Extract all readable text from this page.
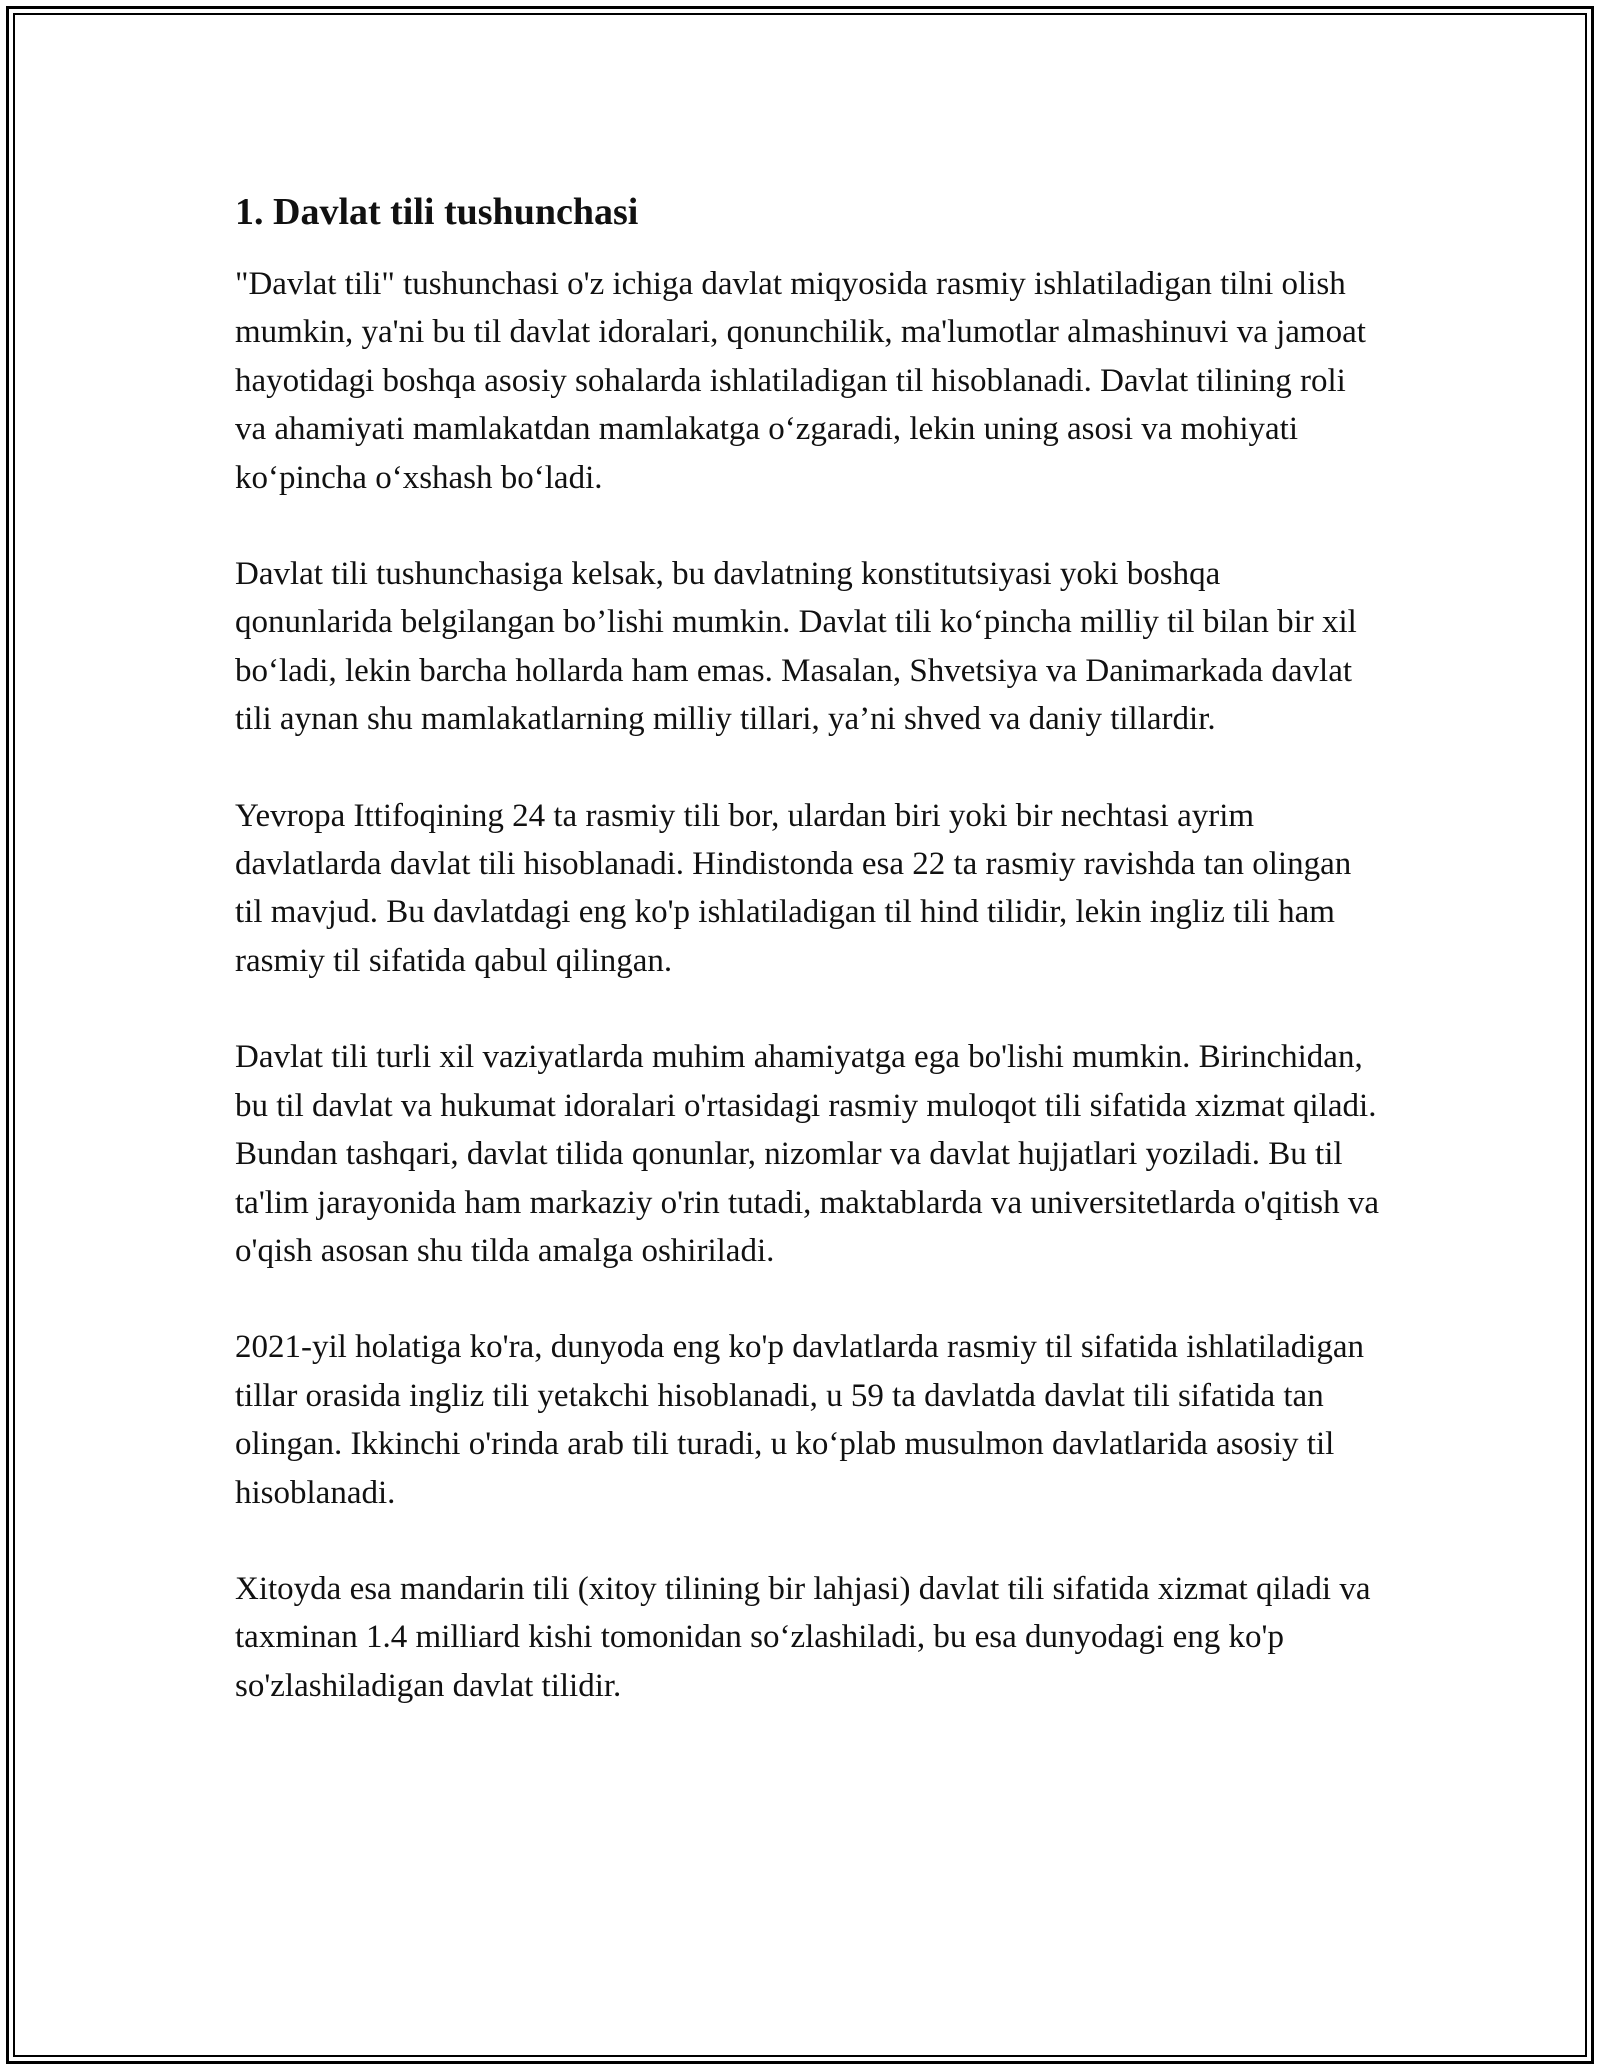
1. Davlat tili tushunchasi

"Davlat tili" tushunchasi o'z ichiga davlat miqyosida rasmiy ishlatiladigan tilni olish mumkin, ya'ni bu til davlat idoralari, qonunchilik, ma'lumotlar almashinuvi va jamoat hayotidagi boshqa asosiy sohalarda ishlatiladigan til hisoblanadi. Davlat tilining roli va ahamiyati mamlakatdan mamlakatga oʻzgaradi, lekin uning asosi va mohiyati koʻpincha oʻxshash boʻladi.

Davlat tili tushunchasiga kelsak, bu davlatning konstitutsiyasi yoki boshqa qonunlarida belgilangan bo’lishi mumkin. Davlat tili koʻpincha milliy til bilan bir xil boʻladi, lekin barcha hollarda ham emas. Masalan, Shvetsiya va Danimarkada davlat tili aynan shu mamlakatlarning milliy tillari, ya’ni shved va daniy tillardir.

Yevropa Ittifoqining 24 ta rasmiy tili bor, ulardan biri yoki bir nechtasi ayrim davlatlarda davlat tili hisoblanadi. Hindistonda esa 22 ta rasmiy ravishda tan olingan til mavjud. Bu davlatdagi eng ko'p ishlatiladigan til hind tilidir, lekin ingliz tili ham rasmiy til sifatida qabul qilingan.

Davlat tili turli xil vaziyatlarda muhim ahamiyatga ega bo'lishi mumkin. Birinchidan, bu til davlat va hukumat idoralari o'rtasidagi rasmiy muloqot tili sifatida xizmat qiladi. Bundan tashqari, davlat tilida qonunlar, nizomlar va davlat hujjatlari yoziladi. Bu til ta'lim jarayonida ham markaziy o'rin tutadi, maktablarda va universitetlarda o'qitish va o'qish asosan shu tilda amalga oshiriladi.

2021-yil holatiga ko'ra, dunyoda eng ko'p davlatlarda rasmiy til sifatida ishlatiladigan tillar orasida ingliz tili yetakchi hisoblanadi, u 59 ta davlatda davlat tili sifatida tan olingan. Ikkinchi o'rinda arab tili turadi, u koʻplab musulmon davlatlarida asosiy til hisoblanadi.

Xitoyda esa mandarin tili (xitoy tilining bir lahjasi) davlat tili sifatida xizmat qiladi va taxminan 1.4 milliard kishi tomonidan soʻzlashiladi, bu esa dunyodagi eng ko'p so'zlashiladigan davlat tilidir.
